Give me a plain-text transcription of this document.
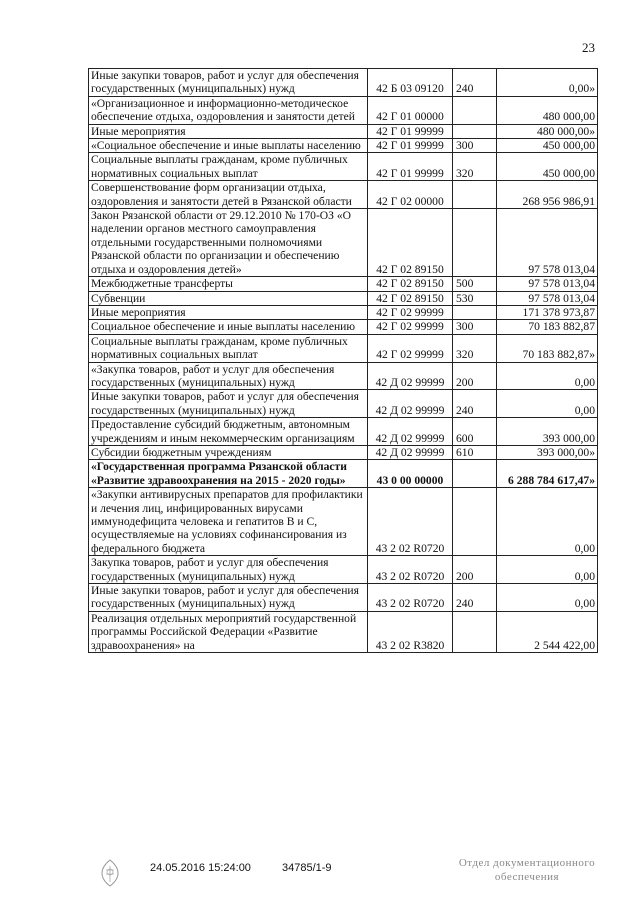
23
Иные закупки товаров, работ и услуг для обеспечения государственных (муниципальных) нужд	42 Б 03 09120	240	0,00»
«Организационное и информационно-методическое обеспечение отдыха, оздоровления и занятости детей	42 Г 01 00000		480 000,00
Иные мероприятия	42 Г 01 99999		480 000,00»
«Социальное обеспечение и иные выплаты населению	42 Г 01 99999	300	450 000,00
Социальные выплаты гражданам, кроме публичных нормативных социальных выплат	42 Г 01 99999	320	450 000,00
Совершенствование форм организации отдыха, оздоровления и занятости детей в Рязанской области	42 Г 02 00000		268 956 986,91
Закон Рязанской области от 29.12.2010 № 170-ОЗ «О наделении органов местного самоуправления отдельными государственными полномочиями Рязанской области по организации и обеспечению отдыха и оздоровления детей»	42 Г 02 89150		97 578 013,04
Межбюджетные трансферты	42 Г 02 89150	500	97 578 013,04
Субвенции	42 Г 02 89150	530	97 578 013,04
Иные мероприятия	42 Г 02 99999		171 378 973,87
Социальное обеспечение и иные выплаты населению	42 Г 02 99999	300	70 183 882,87
Социальные выплаты гражданам, кроме публичных нормативных социальных выплат	42 Г 02 99999	320	70 183 882,87»
«Закупка товаров, работ и услуг для обеспечения государственных (муниципальных) нужд	42 Д 02 99999	200	0,00
Иные закупки товаров, работ и услуг для обеспечения государственных (муниципальных) нужд	42 Д 02 99999	240	0,00
Предоставление субсидий бюджетным, автономным учреждениям и иным некоммерческим организациям	42 Д 02 99999	600	393 000,00
Субсидии бюджетным учреждениям	42 Д 02 99999	610	393 000,00»
«Государственная программа Рязанской области «Развитие здравоохранения на 2015 - 2020 годы»	43 0 00 00000		6 288 784 617,47»
«Закупки антивирусных препаратов для профилактики и лечения лиц, инфицированных вирусами иммунодефицита человека и гепатитов В и С, осуществляемые на условиях софинансирования из федерального бюджета	43 2 02 R0720		0,00
Закупка товаров, работ и услуг для обеспечения государственных (муниципальных) нужд	43 2 02 R0720	200	0,00
Иные закупки товаров, работ и услуг для обеспечения государственных (муниципальных) нужд	43 2 02 R0720	240	0,00
Реализация отдельных мероприятий государственной программы Российской Федерации «Развитие здравоохранения» на	43 2 02 R3820		2 544 422,00
24.05.2016 15:24:00	34785/1-9	Отдел документационного
обеспечения
